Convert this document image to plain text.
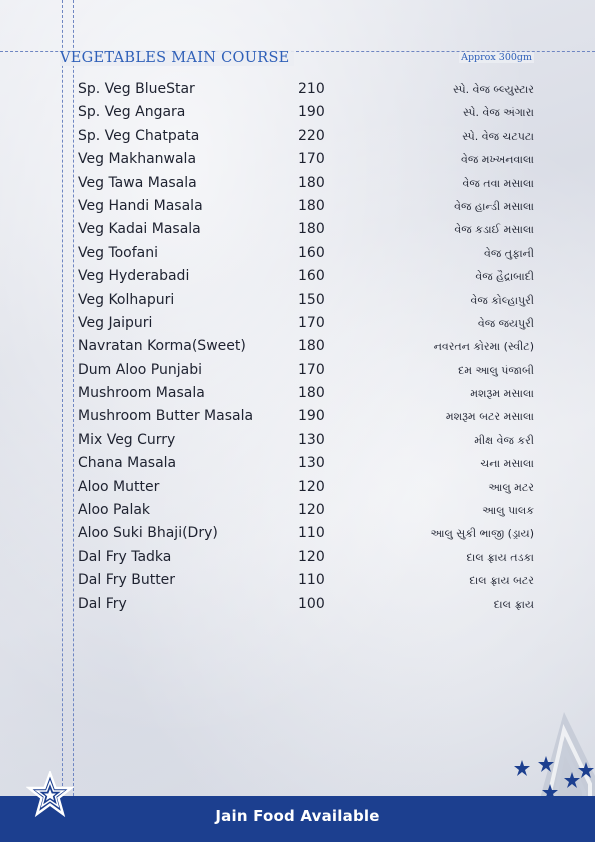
VEGETABLES MAIN COURSE	Approx 300gm
Sp. Veg BlueStar	210	સ્પે. વેજ બ્લ્યુસ્ટાર
Sp. Veg Angara	190	સ્પે. વેજ અંગારા
Sp. Veg Chatpata	220	સ્પે. વેજ ચટપટા
Veg Makhanwala	170	વેજ મખ્ખનવાલા
Veg Tawa Masala	180	વેજ તવા મસાલા
Veg Handi Masala	180	વેજ હાન્ડી મસાલા
Veg Kadai Masala	180	વેજ કડાઈ મસાલા
Veg Toofani	160	વેજ તુફાની
Veg Hyderabadi	160	વેજ હૈદ્રાબાદી
Veg Kolhapuri	150	વેજ કોલ્હાપુરી
Veg Jaipuri	170	વેજ જયપુરી
Navratan Korma(Sweet)	180	નવરતન કોરમા (સ્વીટ)
Dum Aloo Punjabi	170	દમ આલુ પંજાબી
Mushroom Masala	180	મશરૂમ મસાલા
Mushroom Butter Masala	190	મશરૂમ બટર મસાલા
Mix Veg Curry	130	મીક્ષ વેજ કરી
Chana Masala	130	ચના મસાલા
Aloo Mutter	120	આલુ મટર
Aloo Palak	120	આલુ પાલક
Aloo Suki Bhaji(Dry)	110	આલુ સુકી ભાજી (ડ્રાય)
Dal Fry Tadka	120	દાલ ફ્રાય તડકા
Dal Fry Butter	110	દાલ ફ્રાય બટર
Dal Fry	100	દાલ ફ્રાય
Jain Food Available
